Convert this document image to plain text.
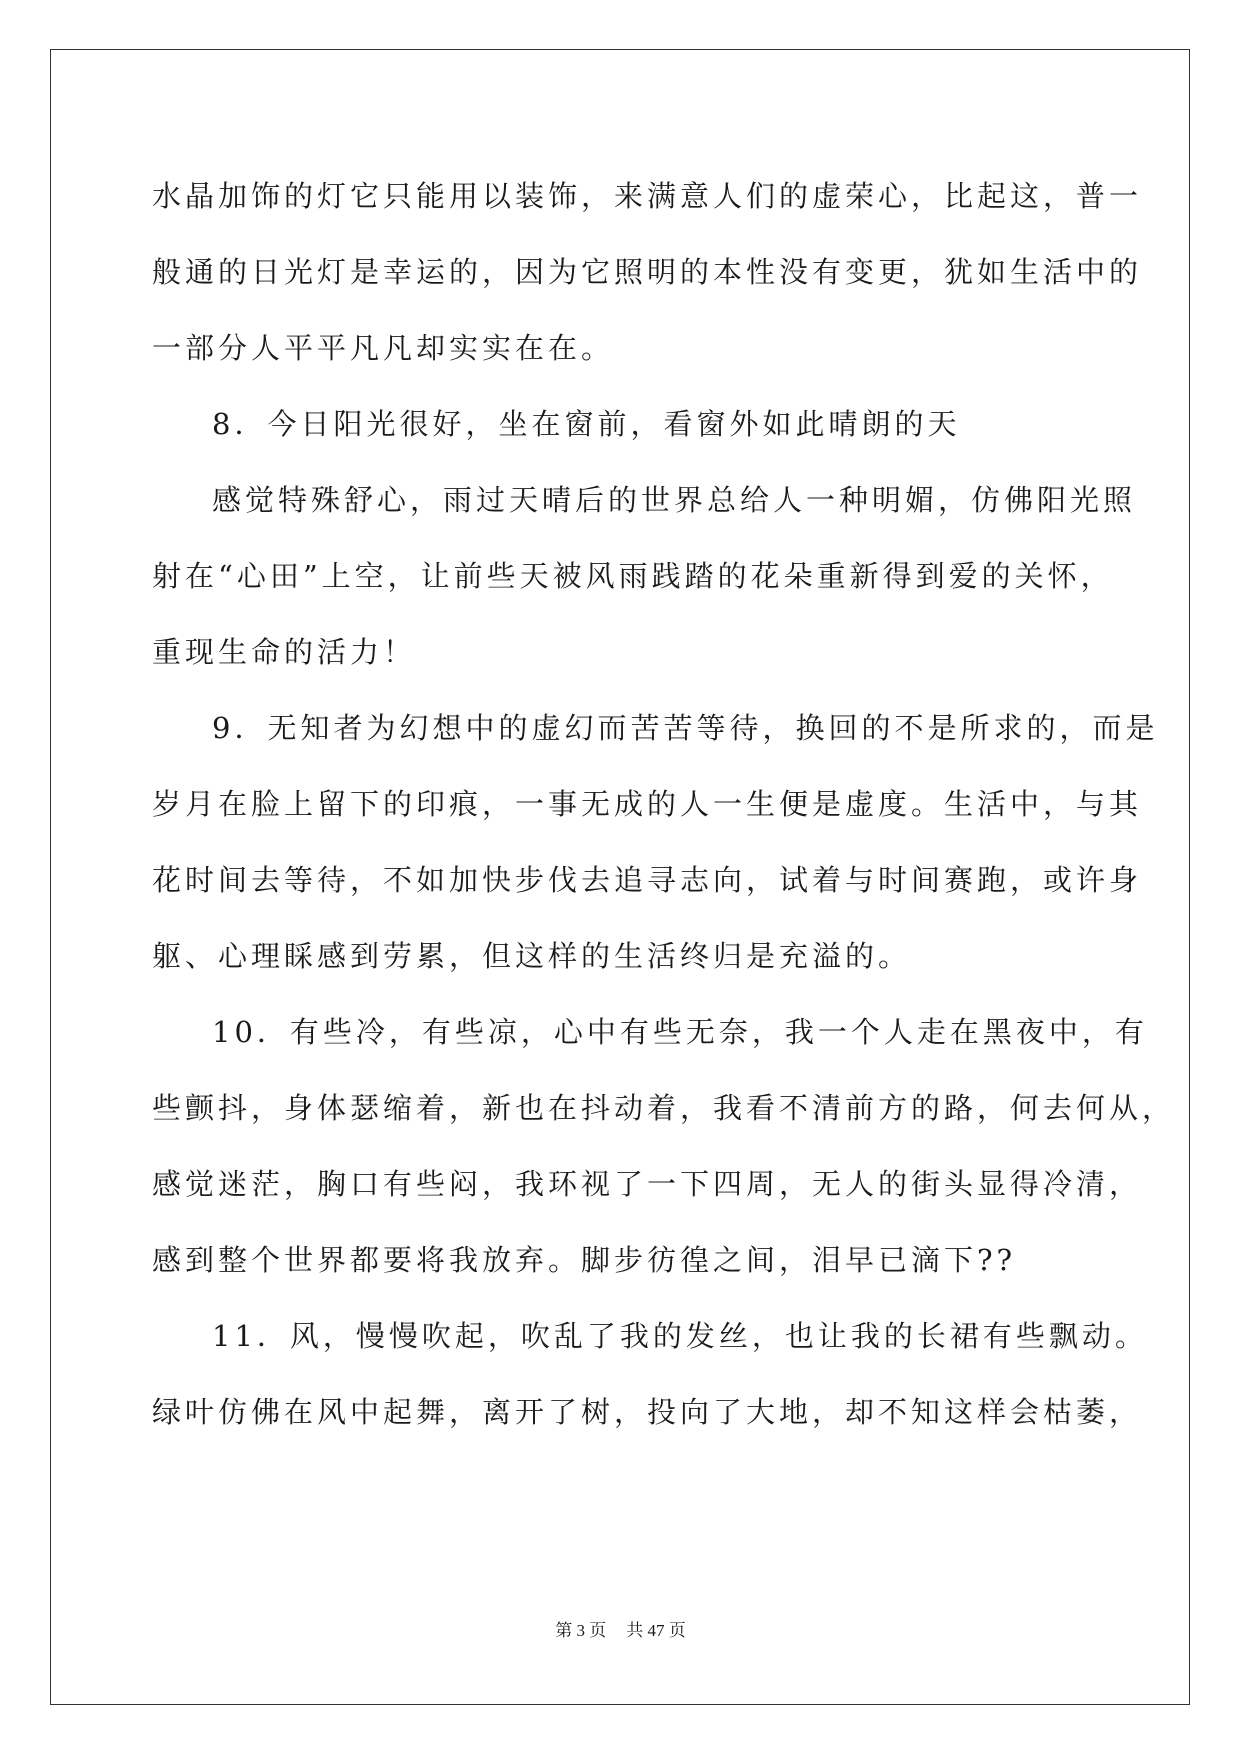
水晶加饰的灯它只能用以装饰，来满意人们的虚荣心，比起这，普一
般通的日光灯是幸运的，因为它照明的本性没有变更，犹如生活中的
一部分人平平凡凡却实实在在。
8．今日阳光很好，坐在窗前，看窗外如此晴朗的天
感觉特殊舒心，雨过天晴后的世界总给人一种明媚，仿佛阳光照
射在“心田”上空，让前些天被风雨践踏的花朵重新得到爱的关怀，
重现生命的活力！
9．无知者为幻想中的虚幻而苦苦等待，换回的不是所求的，而是
岁月在脸上留下的印痕，一事无成的人一生便是虚度。生活中，与其
花时间去等待，不如加快步伐去追寻志向，试着与时间赛跑，或许身
躯、心理睬感到劳累，但这样的生活终归是充溢的。
10．有些冷，有些凉，心中有些无奈，我一个人走在黑夜中，有
些颤抖，身体瑟缩着，新也在抖动着，我看不清前方的路，何去何从，
感觉迷茫，胸口有些闷，我环视了一下四周，无人的街头显得冷清，
感到整个世界都要将我放弃。脚步彷徨之间，泪早已滴下??
11．风，慢慢吹起，吹乱了我的发丝，也让我的长裙有些飘动。
绿叶仿佛在风中起舞，离开了树，投向了大地，却不知这样会枯萎，
第 3 页 共 47 页
